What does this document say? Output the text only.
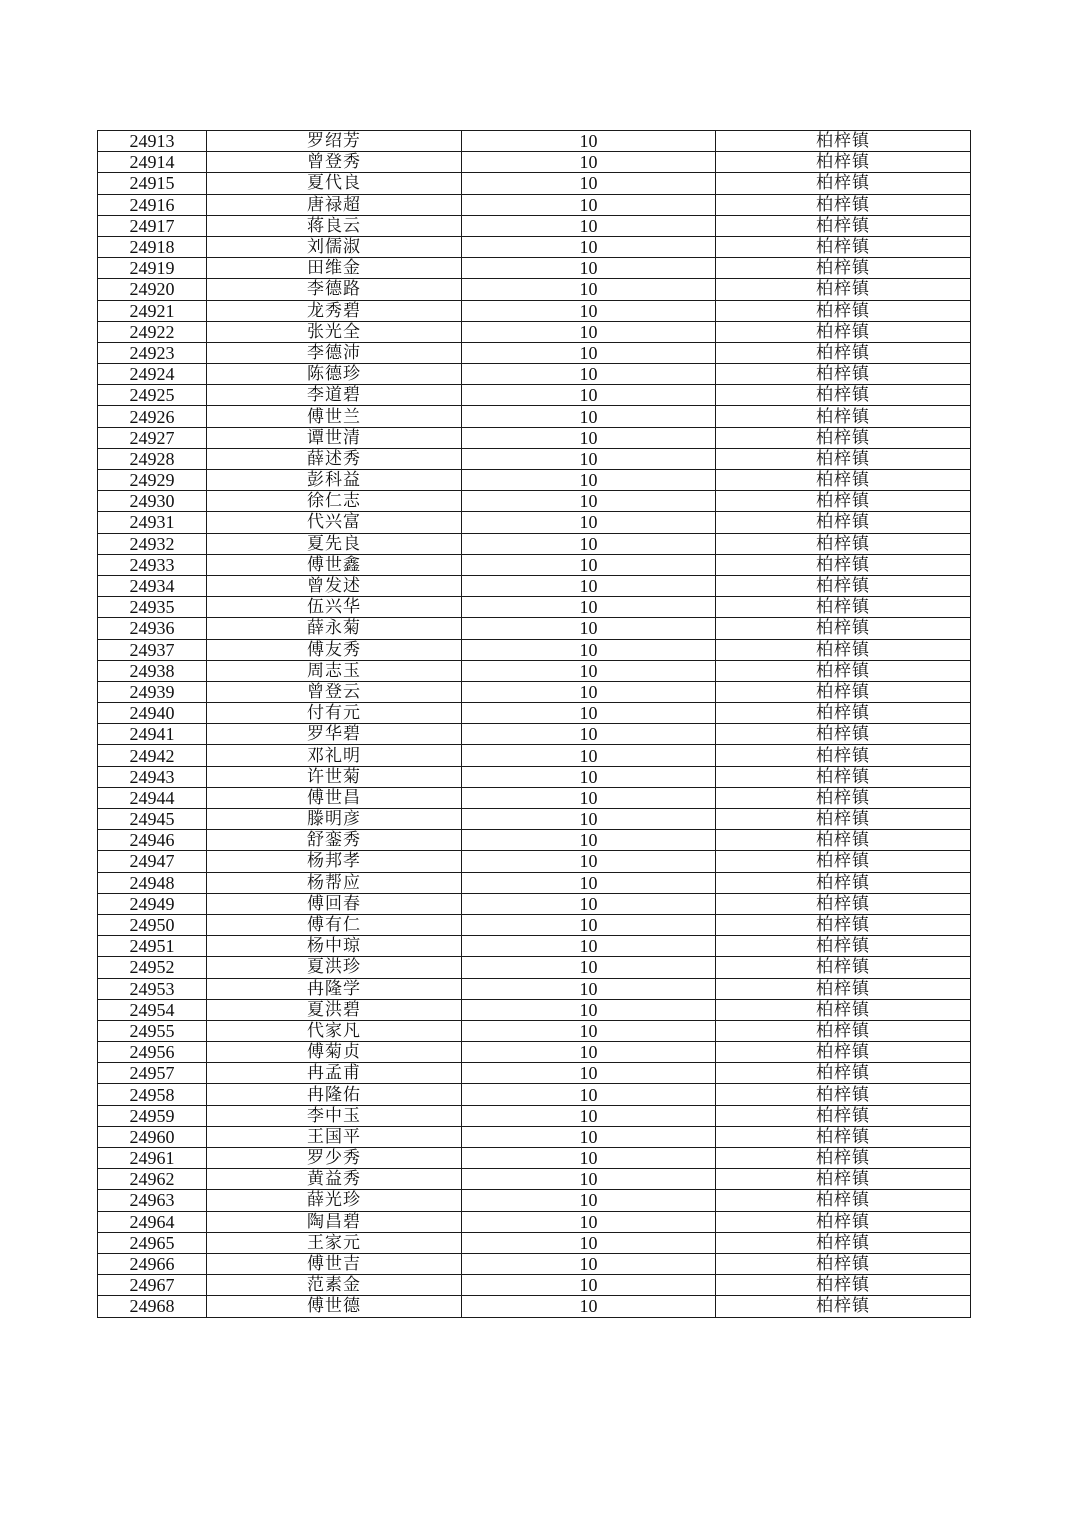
24913	罗绍芳	10	柏梓镇
24914	曾登秀	10	柏梓镇
24915	夏代良	10	柏梓镇
24916	唐禄超	10	柏梓镇
24917	蒋良云	10	柏梓镇
24918	刘儒淑	10	柏梓镇
24919	田维金	10	柏梓镇
24920	李德路	10	柏梓镇
24921	龙秀碧	10	柏梓镇
24922	张光全	10	柏梓镇
24923	李德沛	10	柏梓镇
24924	陈德珍	10	柏梓镇
24925	李道碧	10	柏梓镇
24926	傅世兰	10	柏梓镇
24927	谭世清	10	柏梓镇
24928	薛述秀	10	柏梓镇
24929	彭科益	10	柏梓镇
24930	徐仁志	10	柏梓镇
24931	代兴富	10	柏梓镇
24932	夏先良	10	柏梓镇
24933	傅世鑫	10	柏梓镇
24934	曾发述	10	柏梓镇
24935	伍兴华	10	柏梓镇
24936	薛永菊	10	柏梓镇
24937	傅友秀	10	柏梓镇
24938	周志玉	10	柏梓镇
24939	曾登云	10	柏梓镇
24940	付有元	10	柏梓镇
24941	罗华碧	10	柏梓镇
24942	邓礼明	10	柏梓镇
24943	许世菊	10	柏梓镇
24944	傅世昌	10	柏梓镇
24945	滕明彦	10	柏梓镇
24946	舒銮秀	10	柏梓镇
24947	杨邦孝	10	柏梓镇
24948	杨帮应	10	柏梓镇
24949	傅回春	10	柏梓镇
24950	傅有仁	10	柏梓镇
24951	杨中琼	10	柏梓镇
24952	夏洪珍	10	柏梓镇
24953	冉隆学	10	柏梓镇
24954	夏洪碧	10	柏梓镇
24955	代家凡	10	柏梓镇
24956	傅菊贞	10	柏梓镇
24957	冉孟甫	10	柏梓镇
24958	冉隆佑	10	柏梓镇
24959	李中玉	10	柏梓镇
24960	王国平	10	柏梓镇
24961	罗少秀	10	柏梓镇
24962	黄益秀	10	柏梓镇
24963	薛光珍	10	柏梓镇
24964	陶昌碧	10	柏梓镇
24965	王家元	10	柏梓镇
24966	傅世吉	10	柏梓镇
24967	范素金	10	柏梓镇
24968	傅世德	10	柏梓镇
